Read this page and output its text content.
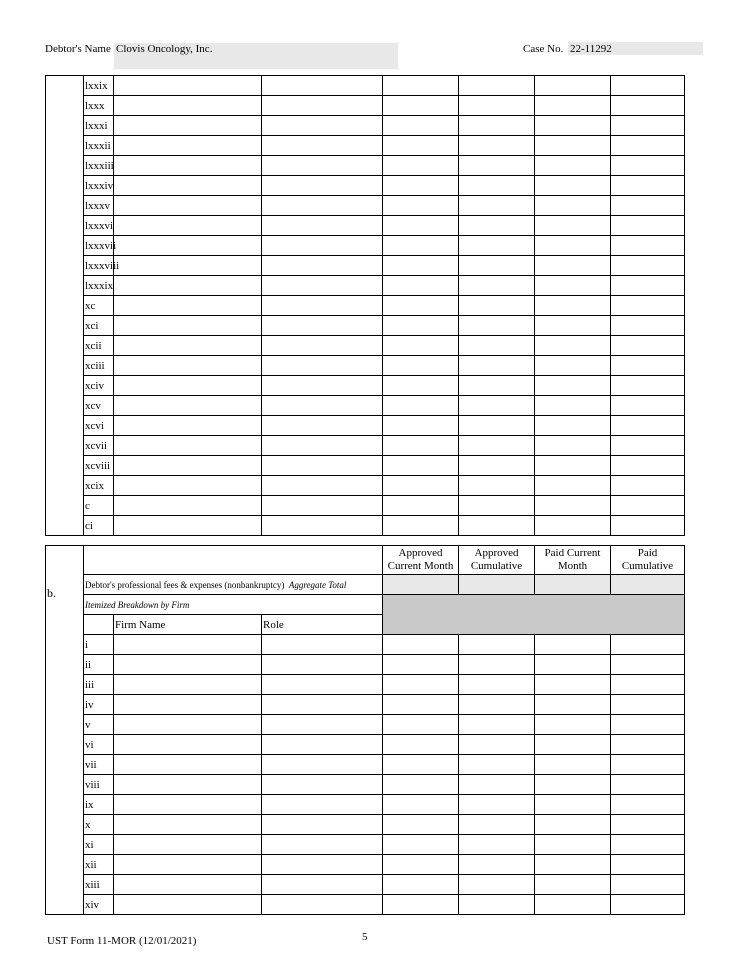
Debtor's Name Clovis Oncology, Inc.	Case No. 22-11292
	lxxix						
	lxxx						
	lxxxi						
	lxxxii						
	lxxxiii						
	lxxxiv						
	lxxxv						
	lxxxvi						
	lxxxvii						
	lxxxviii						
	lxxxix						
	xc						
	xci						
	xcii						
	xciii						
	xciv						
	xcv						
	xcvi						
	xcvii						
	xcviii						
	xcix						
	c						
	ci						
b.				Approved Current Month	Approved Cumulative	Paid Current Month	Paid Cumulative
	Debtor's professional fees & expenses (nonbankruptcy) Aggregate Total						
	Itemized Breakdown by Firm						
		Firm Name	Role				
	i						
	ii						
	iii						
	iv						
	v						
	vi						
	vii						
	viii						
	ix						
	x						
	xi						
	xii						
	xiii						
	xiv						
UST Form 11-MOR (12/01/2021)	5
